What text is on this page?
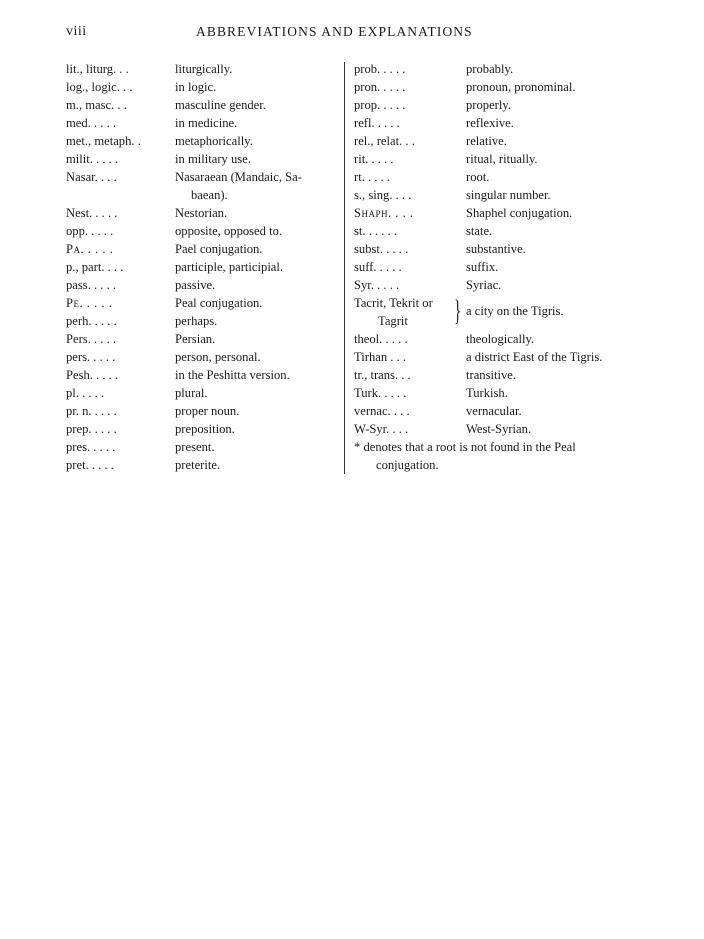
viii	ABBREVIATIONS AND EXPLANATIONS
lit., liturg. . .	liturgically.
log., logic. . .	in logic.
m., masc. . .	masculine gender.
med. . . . .	in medicine.
met., metaph. .	metaphorically.
milit. . . . .	in military use.
Nasar. . . .	Nasaraean (Mandaic, Sa-
baean).
Nest. . . . .	Nestorian.
opp. . . . .	opposite, opposed to.
Pa. . . . .	Pael conjugation.
p., part. . . .	participle, participial.
pass. . . . .	passive.
Pe. . . . .	Peal conjugation.
perh. . . . .	perhaps.
Pers. . . . .	Persian.
pers. . . . .	person, personal.
Pesh. . . . .	in the Peshitta version.
pl. . . . .	plural.
pr. n. . . . .	proper noun.
prep. . . . .	preposition.
pres. . . . .	present.
pret. . . . .	preterite.
prob. . . . .	probably.
pron. . . . .	pronoun, pronominal.
prop. . . . .	properly.
refl. . . . .	reflexive.
rel., relat. . .	relative.
rit. . . . .	ritual, ritually.
rt. . . . .	root.
s., sing. . . .	singular number.
Shaph. . . .	Shaphel conjugation.
st. . . . . .	state.
subst. . . . .	substantive.
suff. . . . .	suffix.
Syr. . . . .	Syriac.
Tacrit, Tekrit or
Tagrit	} a city on the Tigris.
theol. . . . .	theologically.
Tirhan . . .	a district East of the Tigris.
tr., trans. . .	transitive.
Turk. . . . .	Turkish.
vernac. . . .	vernacular.
W-Syr. . . .	West-Syrian.
* denotes that a root is not found in the Peal
conjugation.
